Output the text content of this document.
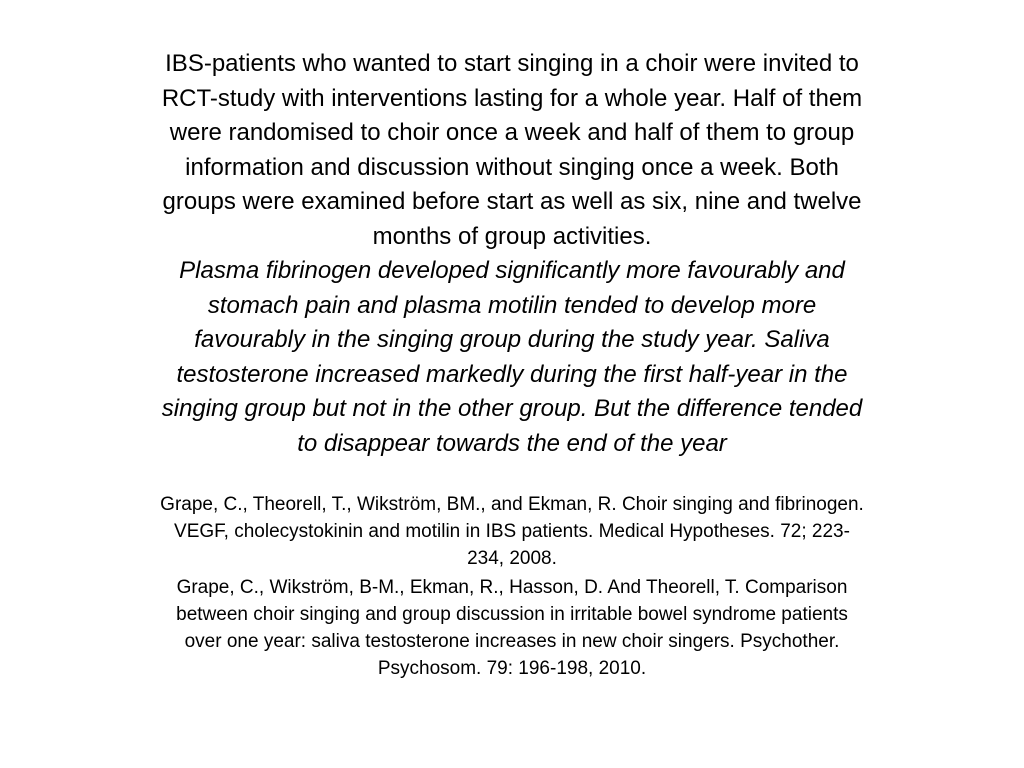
IBS-patients who wanted to start singing in a choir were invited to
RCT-study with interventions lasting for a whole year. Half of them
were randomised to choir once a week and half of them to group
information and discussion without singing once a week. Both
groups were examined before start as well as six, nine and twelve
months of group activities.

Plasma fibrinogen developed significantly more favourably and
stomach pain and plasma motilin tended to develop more
favourably in the singing group during the study year. Saliva
testosterone increased markedly during the first half-year in the
singing group but not in the other group. But the difference tended
to disappear towards the end of the year

Grape, C., Theorell, T., Wikström, BM., and Ekman, R. Choir singing and fibrinogen.
VEGF, cholecystokinin and motilin in IBS patients. Medical Hypotheses. 72; 223-
234, 2008.

Grape, C., Wikström, B-M., Ekman, R., Hasson, D. And Theorell, T. Comparison
between choir singing and group discussion in irritable bowel syndrome patients
over one year: saliva testosterone increases in new choir singers. Psychother.
Psychosom. 79: 196-198, 2010.
